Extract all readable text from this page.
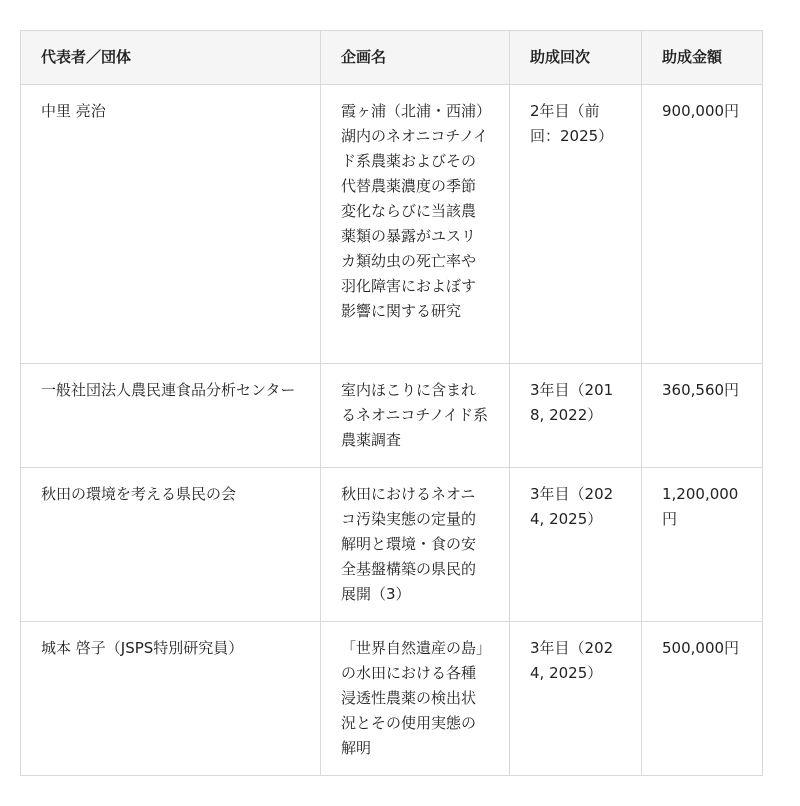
代表者／団体	企画名	助成回次	助成金額
中里 亮治	霞ヶ浦（北浦・西浦）湖内のネオニコチノイド系農薬およびその代替農薬濃度の季節変化ならびに当該農薬類の暴露がユスリカ類幼虫の死亡率や羽化障害におよぼす影響に関する研究	2年目（前回：2025）	900,000円
一般社団法人農民連食品分析センター	室内ほこりに含まれるネオニコチノイド系農薬調査	3年目（2018, 2022）	360,560円
秋田の環境を考える県民の会	秋田におけるネオニコ汚染実態の定量的解明と環境・食の安全基盤構築の県民的展開（3）	3年目（2024, 2025）	1,200,000円
城本 啓子（JSPS特別研究員）	「世界自然遺産の島」の水田における各種浸透性農薬の検出状況とその使用実態の解明	3年目（2024, 2025）	500,000円
